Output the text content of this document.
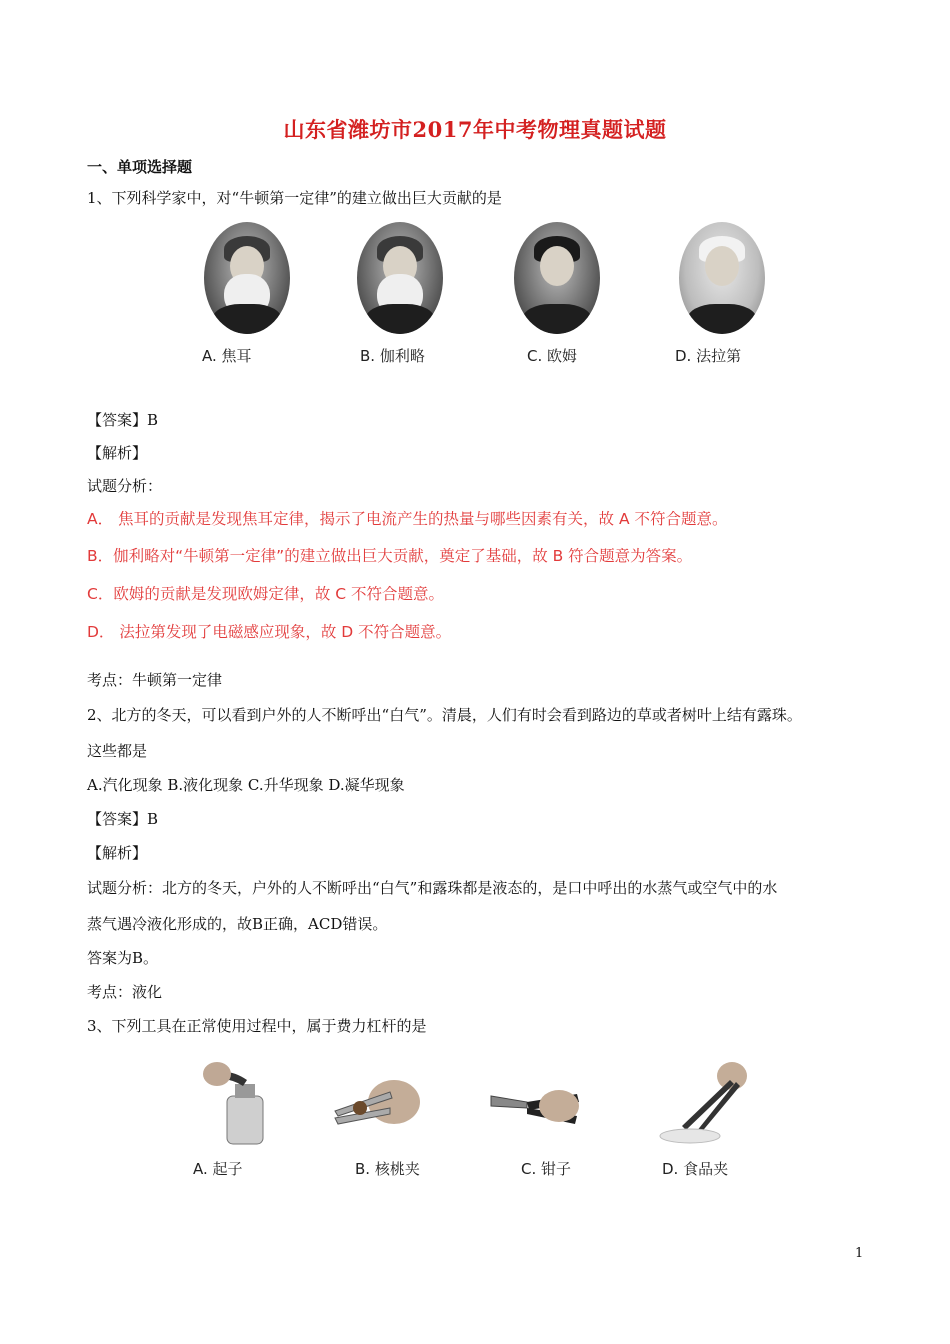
山东省潍坊市2017年中考物理真题试题
一、单项选择题
1、下列科学家中，对“牛顿第一定律”的建立做出巨大贡献的是
A. 焦耳	B. 伽利略	C. 欧姆	D. 法拉第
【答案】B
【解析】
试题分析：
A． 焦耳的贡献是发现焦耳定律，揭示了电流产生的热量与哪些因素有关，故 A 不符合题意。
B．伽利略对“牛顿第一定律”的建立做出巨大贡献，奠定了基础，故 B 符合题意为答案。
C．欧姆的贡献是发现欧姆定律，故 C 不符合题意。
D． 法拉第发现了电磁感应现象，故 D 不符合题意。
考点：牛顿第一定律
2、北方的冬天，可以看到户外的人不断呼出“白气”。清晨，人们有时会看到路边的草或者树叶上结有露珠。
这些都是
A.汽化现象 B.液化现象 C.升华现象 D.凝华现象
【答案】B
【解析】
试题分析：北方的冬天，户外的人不断呼出“白气”和露珠都是液态的，是口中呼出的水蒸气或空气中的水
蒸气遇冷液化形成的，故B正确，ACD错误。
答案为B。
考点：液化
3、下列工具在正常使用过程中，属于费力杠杆的是
A. 起子	B. 核桃夹	C. 钳子	D. 食品夹
1
